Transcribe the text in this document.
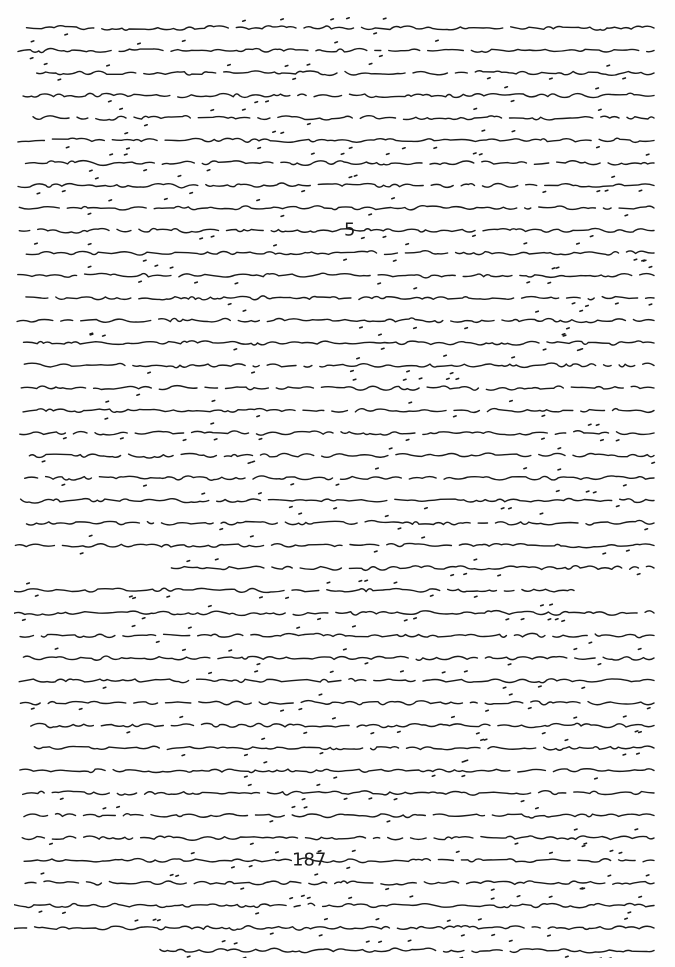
5
187
